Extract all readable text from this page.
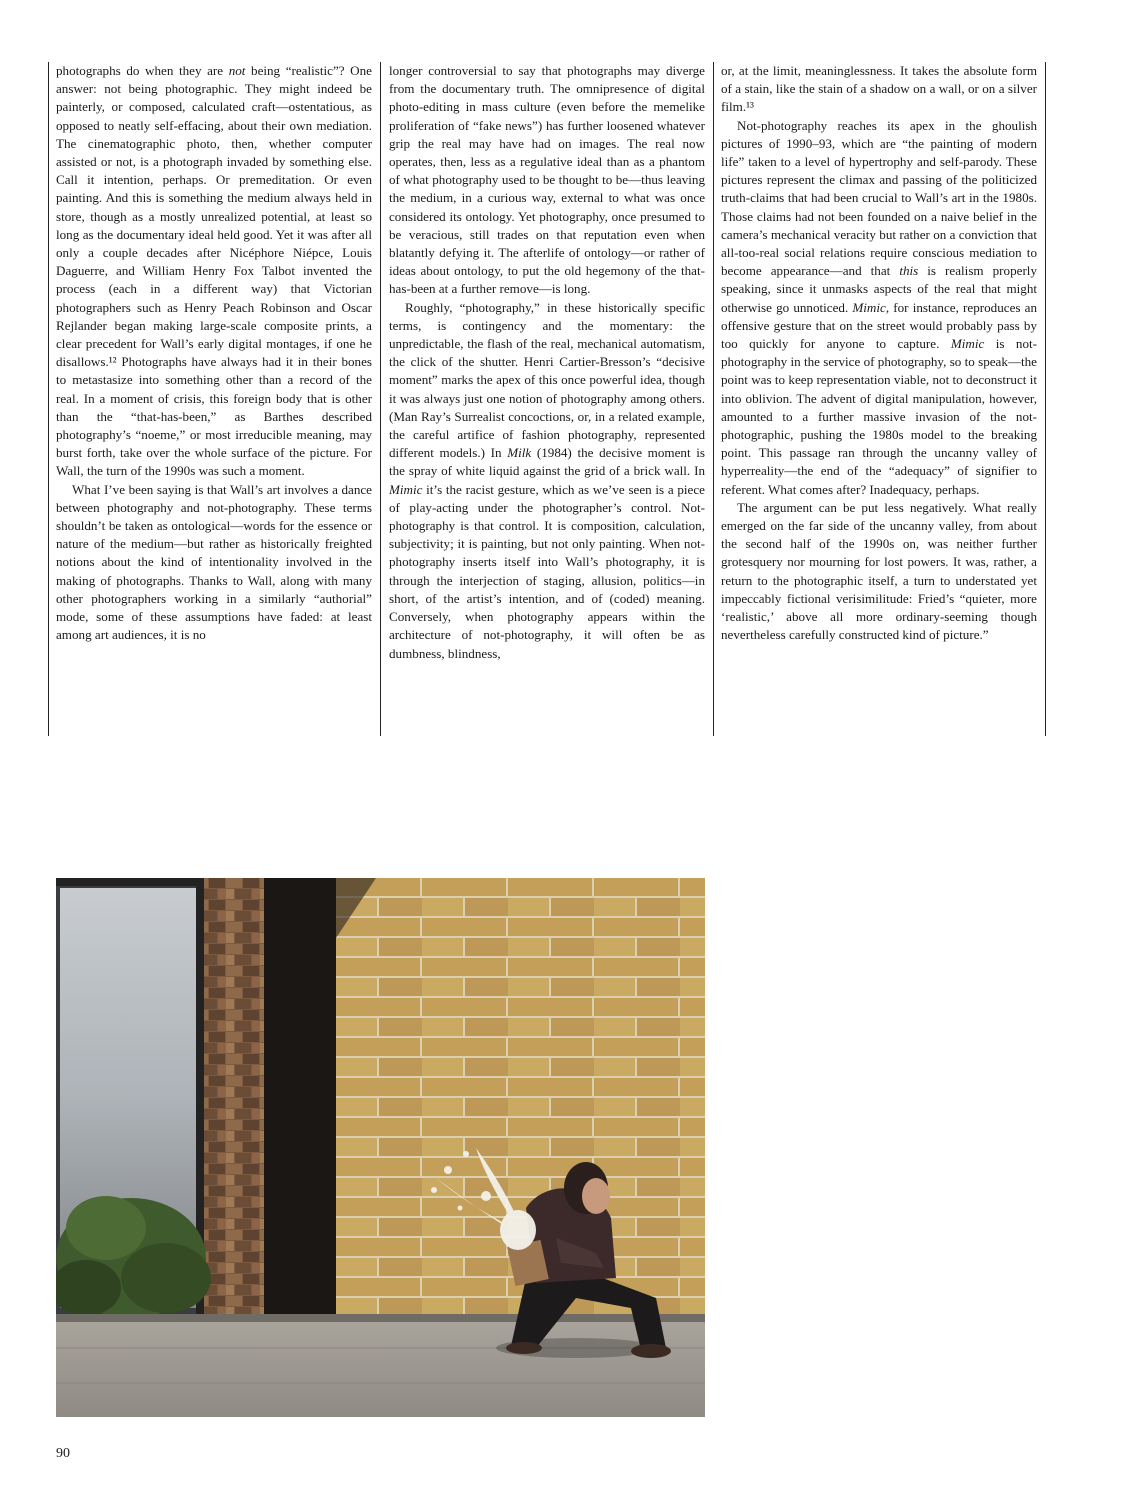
photographs do when they are not being “realistic”? One answer: not being photographic. They might indeed be painterly, or composed, calculated craft—ostentatious, as opposed to neatly self-effacing, about their own mediation. The cinematographic photo, then, whether computer assisted or not, is a photograph invaded by something else. Call it intention, perhaps. Or premeditation. Or even painting. And this is something the medium always held in store, though as a mostly unrealized potential, at least so long as the documentary ideal held good. Yet it was after all only a couple decades after Nicéphore Niépce, Louis Daguerre, and William Henry Fox Talbot invented the process (each in a different way) that Victorian photographers such as Henry Peach Robinson and Oscar Rejlander began making large-scale composite prints, a clear precedent for Wall’s early digital montages, if one he disallows.¹² Photographs have always had it in their bones to metastasize into something other than a record of the real. In a moment of crisis, this foreign body that is other than the “that-has-been,” as Barthes described photography’s “noeme,” or most irreducible meaning, may burst forth, take over the whole surface of the picture. For Wall, the turn of the 1990s was such a moment.

What I’ve been saying is that Wall’s art involves a dance between photography and not-photography. These terms shouldn’t be taken as ontological—words for the essence or nature of the medium—but rather as historically freighted notions about the kind of intentionality involved in the making of photographs. Thanks to Wall, along with many other photographers working in a similarly “authorial” mode, some of these assumptions have faded: at least among art audiences, it is no

longer controversial to say that photographs may diverge from the documentary truth. The omnipresence of digital photo-editing in mass culture (even before the memelike proliferation of “fake news”) has further loosened whatever grip the real may have had on images. The real now operates, then, less as a regulative ideal than as a phantom of what photography used to be thought to be—thus leaving the medium, in a curious way, external to what was once considered its ontology. Yet photography, once presumed to be veracious, still trades on that reputation even when blatantly defying it. The afterlife of ontology—or rather of ideas about ontology, to put the old hegemony of the that-has-been at a further remove—is long.

Roughly, “photography,” in these historically specific terms, is contingency and the momentary: the unpredictable, the flash of the real, mechanical automatism, the click of the shutter. Henri Cartier-Bresson’s “decisive moment” marks the apex of this once powerful idea, though it was always just one notion of photography among others. (Man Ray’s Surrealist concoctions, or, in a related example, the careful artifice of fashion photography, represented different models.) In Milk (1984) the decisive moment is the spray of white liquid against the grid of a brick wall. In Mimic it’s the racist gesture, which as we’ve seen is a piece of play-acting under the photographer’s control. Not-photography is that control. It is composition, calculation, subjectivity; it is painting, but not only painting. When not-photography inserts itself into Wall’s photography, it is through the interjection of staging, allusion, politics—in short, of the artist’s intention, and of (coded) meaning. Conversely, when photography appears within the architecture of not-photography, it will often be as dumbness, blindness,

or, at the limit, meaninglessness. It takes the absolute form of a stain, like the stain of a shadow on a wall, or on a silver film.¹³

Not-photography reaches its apex in the ghoulish pictures of 1990–93, which are “the painting of modern life” taken to a level of hypertrophy and self-parody. These pictures represent the climax and passing of the politicized truth-claims that had been crucial to Wall’s art in the 1980s. Those claims had not been founded on a naive belief in the camera’s mechanical veracity but rather on a conviction that all-too-real social relations require conscious mediation to become appearance—and that this is realism properly speaking, since it unmasks aspects of the real that might otherwise go unnoticed. Mimic, for instance, reproduces an offensive gesture that on the street would probably pass by too quickly for anyone to capture. Mimic is not-photography in the service of photography, so to speak—the point was to keep representation viable, not to deconstruct it into oblivion. The advent of digital manipulation, however, amounted to a further massive invasion of the not-photographic, pushing the 1980s model to the breaking point. This passage ran through the uncanny valley of hyperreality—the end of the “adequacy” of signifier to referent. What comes after? Inadequacy, perhaps.

The argument can be put less negatively. What really emerged on the far side of the uncanny valley, from about the second half of the 1990s on, was neither further grotesquery nor mourning for lost powers. It was, rather, a return to the photographic itself, a turn to understated yet impeccably fictional verisimilitude: Fried’s “quieter, more ‘realistic,’ above all more ordinary-seeming though nevertheless carefully constructed kind of picture.”

90
